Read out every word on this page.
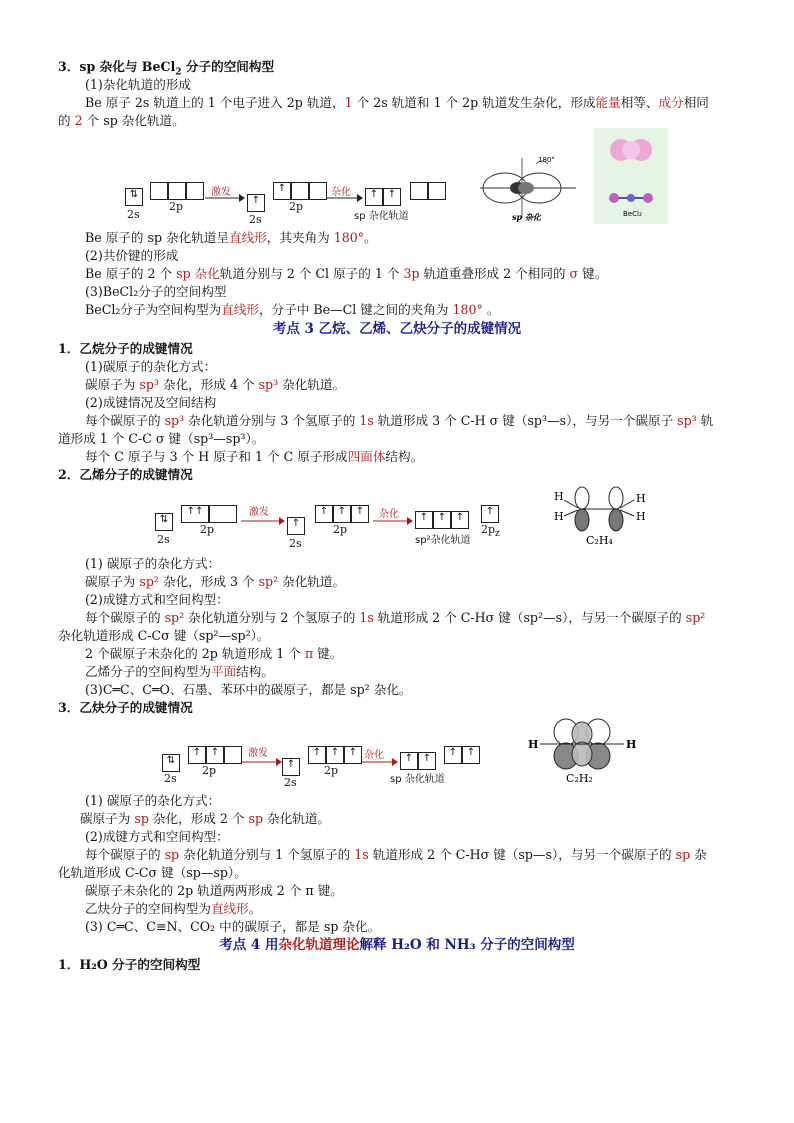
3．sp 杂化与 BeCl$_2$ 分子的空间构型
(1)杂化轨道的形成
Be 原子 2s 轨道上的 1 个电子进入 2p 轨道，1 个 2s 轨道和 1 个 2p 轨道发生杂化，形成能量相等、成分相同
的 2 个 sp 杂化轨道。
⇅
2s
2p
激发
↑
2s
↑
2p
杂化	↑ ↑
sp 杂化轨道
180°
sp 杂化	BeCl₂
Be 原子的 sp 杂化轨道呈直线形，其夹角为 180°。
(2)共价键的形成
Be 原子的 2 个 sp 杂化轨道分别与 2 个 Cl 原子的 1 个 3p 轨道重叠形成 2 个相同的 σ 键。
(3)BeCl₂分子的空间构型
BeCl₂分子为空间构型为直线形，分子中 Be—Cl 键之间的夹角为 180° 。
考点 3 乙烷、乙烯、乙炔分子的成键情况
1．乙烷分子的成键情况
(1)碳原子的杂化方式：
碳原子为 sp³ 杂化，形成 4 个 sp³ 杂化轨道。
(2)成键情况及空间结构
每个碳原子的 sp³ 杂化轨道分别与 3 个氢原子的 1s 轨道形成 3 个 C-H σ 键（sp³—s），与另一个碳原子 sp³ 轨
道形成 1 个 C-C σ 键（sp³—sp³）。
每个 C 原子与 3 个 H 原子和 1 个 C 原子形成四面体结构。
2．乙烯分子的成键情况
⇅
2s
↑↑
2p
激发
↑
2s
↑ ↑ ↑
2p
杂化	↑ ↑ ↑
sp²杂化轨道
↑
$2p_z$
H
H
H
H
C₂H₄
(1) 碳原子的杂化方式：
碳原子为 sp² 杂化，形成 3 个 sp² 杂化轨道。
(2)成键方式和空间构型：
每个碳原子的 sp² 杂化轨道分别与 2 个氢原子的 1s 轨道形成 2 个 C-Hσ 键（sp²—s），与另一个碳原子的 sp²
杂化轨道形成 C-Cσ 键（sp²—sp²）。
2 个碳原子未杂化的 2p 轨道形成 1 个 π 键。
乙烯分子的空间构型为平面结构。
(3)C═C、C═O、石墨、苯环中的碳原子，都是 sp² 杂化。
3．乙炔分子的成键情况
⇅
2s
↑ ↑
2p
激发
↑
2s
↑ ↑ ↑
2p
杂化	↑ ↑
sp 杂化轨道
↑ ↑
H	H
C₂H₂
(1) 碳原子的杂化方式：
碳原子为 sp 杂化，形成 2 个 sp 杂化轨道。
(2)成键方式和空间构型：
每个碳原子的 sp 杂化轨道分别与 1 个氢原子的 1s 轨道形成 2 个 C-Hσ 键（sp—s），与另一个碳原子的 sp 杂
化轨道形成 C-Cσ 键（sp—sp）。
碳原子未杂化的 2p 轨道两两形成 2 个 π 键。
乙炔分子的空间构型为直线形。
(3) C═C、C≡N、CO₂ 中的碳原子，都是 sp 杂化。
考点 4 用杂化轨道理论解释 H₂O 和 NH₃ 分子的空间构型
1．H₂O 分子的空间构型
